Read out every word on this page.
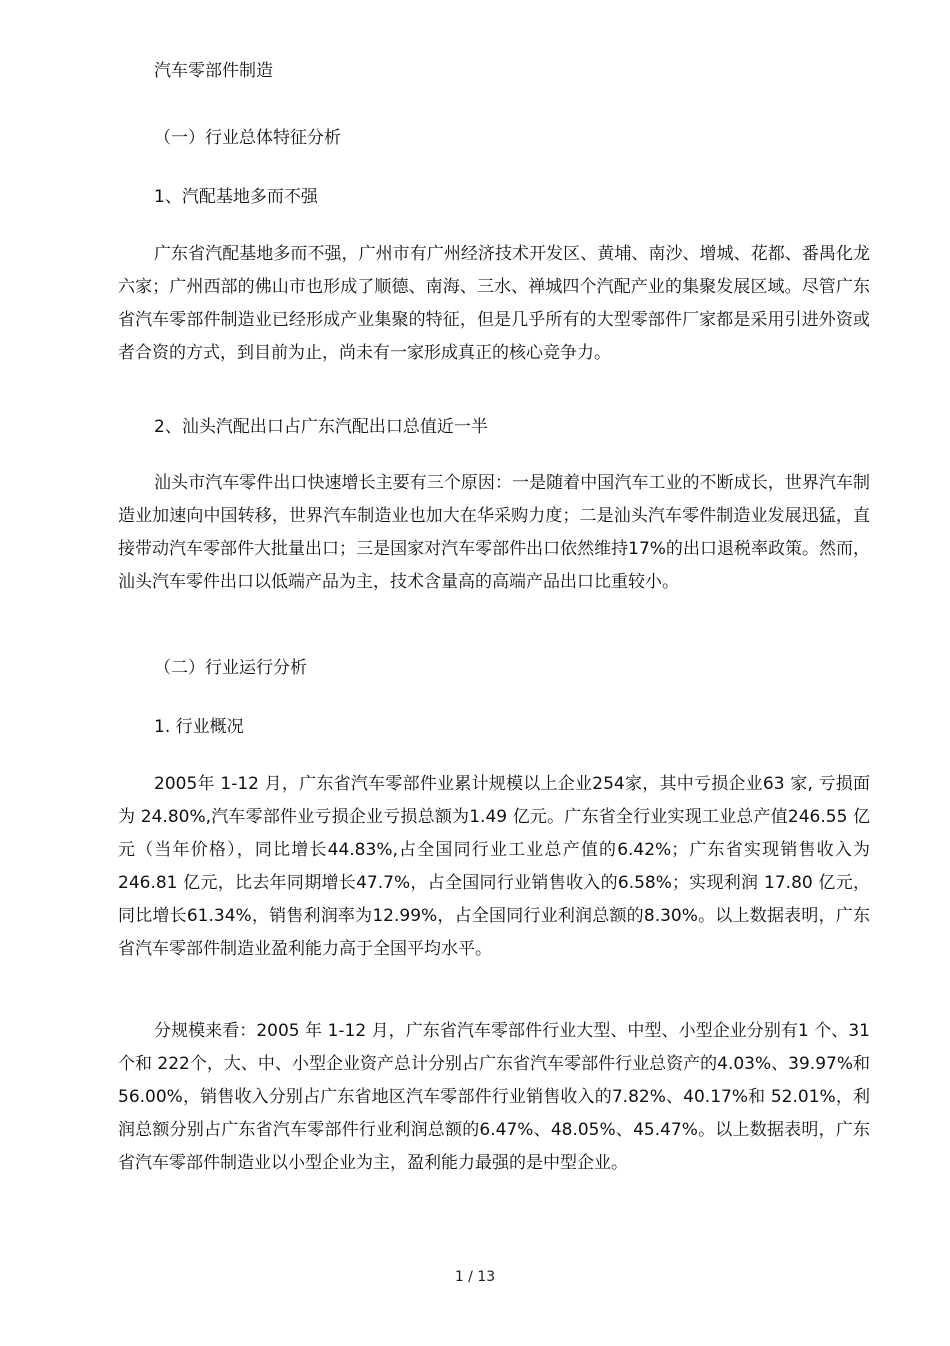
汽车零部件制造
（一）行业总体特征分析
1、汽配基地多而不强

广东省汽配基地多而不强，广州市有广州经济技术开发区、黄埔、南沙、增城、花都、番禺化龙六家；广州西部的佛山市也形成了顺德、南海、三水、禅城四个汽配产业的集聚发展区域。尽管广东省汽车零部件制造业已经形成产业集聚的特征，但是几乎所有的大型零部件厂家都是采用引进外资或者合资的方式，到目前为止，尚未有一家形成真正的核心竞争力。

2、汕头汽配出口占广东汽配出口总值近一半

汕头市汽车零件出口快速增长主要有三个原因：一是随着中国汽车工业的不断成长，世界汽车制造业加速向中国转移，世界汽车制造业也加大在华采购力度；二是汕头汽车零件制造业发展迅猛，直接带动汽车零部件大批量出口；三是国家对汽车零部件出口依然维持17%的出口退税率政策。然而，汕头汽车零件出口以低端产品为主，技术含量高的高端产品出口比重较小。

（二）行业运行分析
1. 行业概况

2005年 1-12 月，广东省汽车零部件业累计规模以上企业254家，其中亏损企业63 家, 亏损面为 24.80%,汽车零部件业亏损企业亏损总额为1.49 亿元。广东省全行业实现工业总产值246.55 亿元（当年价格），同比增长44.83%,占全国同行业工业总产值的6.42%；广东省实现销售收入为 246.81 亿元，比去年同期增长47.7%，占全国同行业销售收入的6.58%；实现利润 17.80 亿元，同比增长61.34%，销售利润率为12.99%，占全国同行业利润总额的8.30%。以上数据表明，广东省汽车零部件制造业盈利能力高于全国平均水平。

分规模来看：2005 年 1-12 月，广东省汽车零部件行业大型、中型、小型企业分别有1 个、31 个和 222个，大、中、小型企业资产总计分别占广东省汽车零部件行业总资产的4.03%、39.97%和 56.00%，销售收入分别占广东省地区汽车零部件行业销售收入的7.82%、40.17%和 52.01%，利润总额分别占广东省汽车零部件行业利润总额的6.47%、48.05%、45.47%。以上数据表明，广东省汽车零部件制造业以小型企业为主，盈利能力最强的是中型企业。

1 / 13
